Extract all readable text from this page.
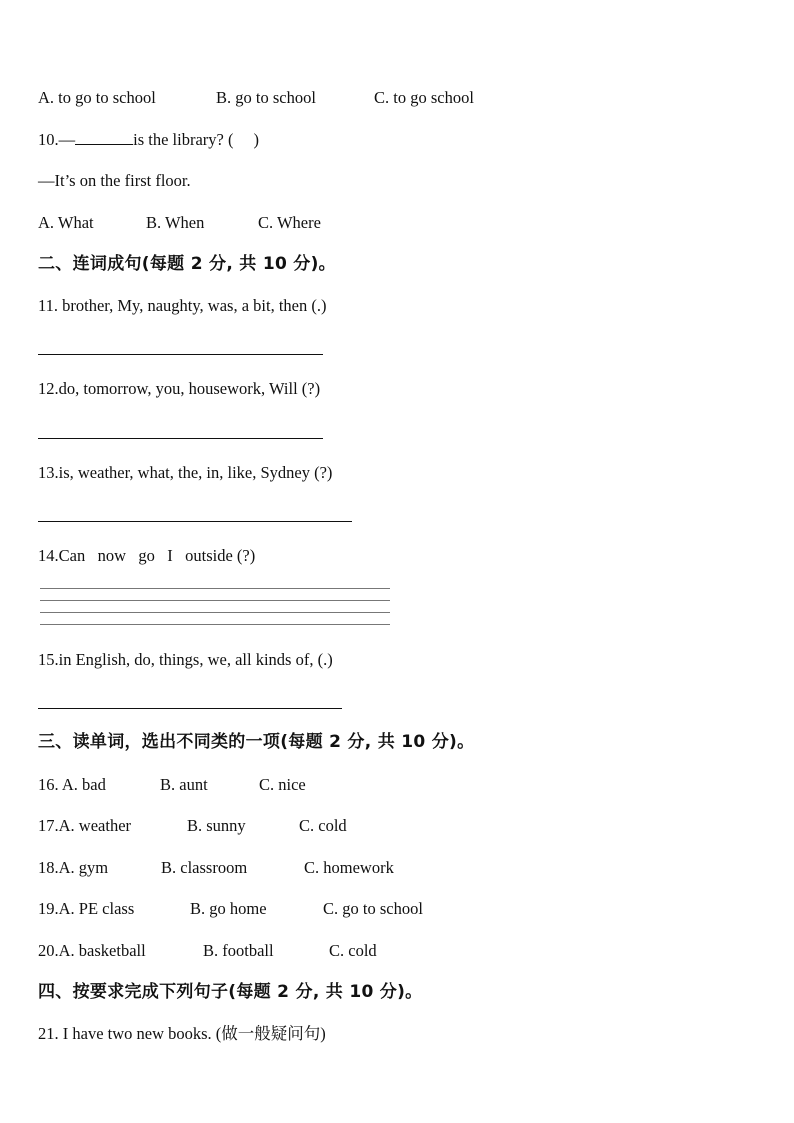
A. to go to school	B. go to school	C. to go school
10.—	is the library? ( )
—It’s on the first floor.
A. What	B. When	C. Where
二、连词成句(每题 2 分, 共 10 分)。
11. brother, My, naughty, was, a bit, then (.)
12.do, tomorrow, you, housework, Will (?)
13.is, weather, what, the, in, like, Sydney (?)
14.Can   now   go   I   outside (?)
15.in English, do, things, we, all kinds of, (.)
三、读单词，选出不同类的一项(每题 2 分, 共 10 分)。
16. A. bad	B. aunt	C. nice
17.A. weather	B. sunny	C. cold
18.A. gym	B. classroom	C. homework
19.A. PE class	B. go home	C. go to school
20.A. basketball	B. football	C. cold
四、按要求完成下列句子(每题 2 分, 共 10 分)。
21. I have two new books. (做一般疑问句)
